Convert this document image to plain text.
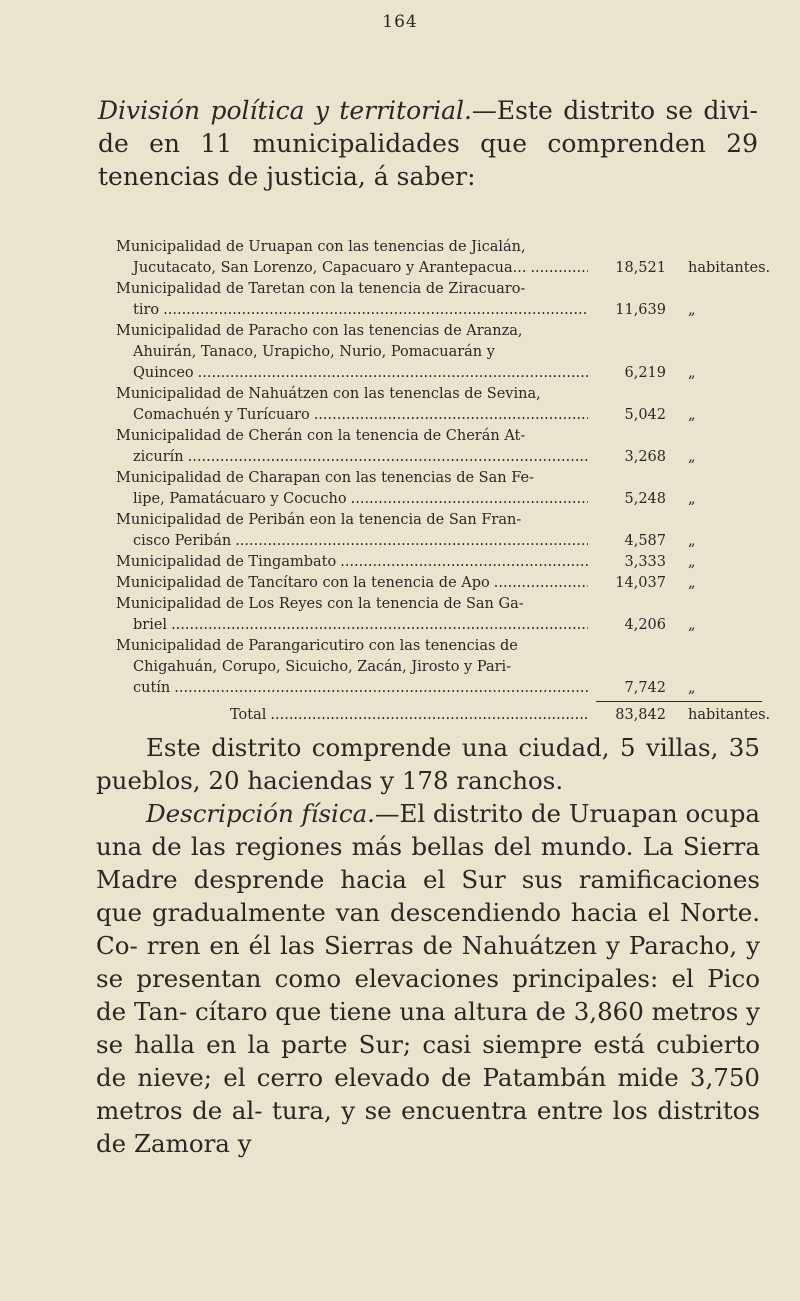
164
División política y territorial.—Este distrito se divi- de en 11 municipalidades que comprenden 29 tenencias de justicia, á saber:
Municipalidad de Uruapan con las tenencias de Jicalán,
Jucutacato, San Lorenzo, Capacuaro y Arantepacua... .....	18,521 habitantes.
Municipalidad de Taretan con la tenencia de Ziracuaro-
tiro .....	11,639 „
Municipalidad de Paracho con las tenencias de Aranza,
Ahuirán, Tanaco, Urapicho, Nurio, Pomacuarán y
Quinceo .....	6,219 „
Municipalidad de Nahuátzen con las tenenclas de Sevina,
Comachuén y Turícuaro .....	5,042 „
Municipalidad de Cherán con la tenencia de Cherán At-
zicurín .....	3,268 „
Municipalidad de Charapan con las tenencias de San Fe-
lipe, Pamatácuaro y Cocucho .....	5,248 „
Municipalidad de Peribán eon la tenencia de San Fran-
cisco Peribán .....	4,587 „
Municipalidad de Tingambato .....	3,333 „
Municipalidad de Tancítaro con la tenencia de Apo .....	14,037 „
Municipalidad de Los Reyes con la tenencia de San Ga-
briel .....	4,206 „
Municipalidad de Parangaricutiro con las tenencias de
Chigahuán, Corupo, Sicuicho, Zacán, Jirosto y Pari-
cutín .....	7,742 „
Total .....	83,842 habitantes.

Este distrito comprende una ciudad, 5 villas, 35 pueblos, 20 haciendas y 178 ranchos.

Descripción física.—El distrito de Uruapan ocupa una de las regiones más bellas del mundo. La Sierra Madre desprende hacia el Sur sus ramificaciones que gradualmente van descendiendo hacia el Norte. Co- rren en él las Sierras de Nahuátzen y Paracho, y se presentan como elevaciones principales: el Pico de Tan- cítaro que tiene una altura de 3,860 metros y se halla en la parte Sur; casi siempre está cubierto de nieve; el cerro elevado de Patambán mide 3,750 metros de al- tura, y se encuentra entre los distritos de Zamora y
